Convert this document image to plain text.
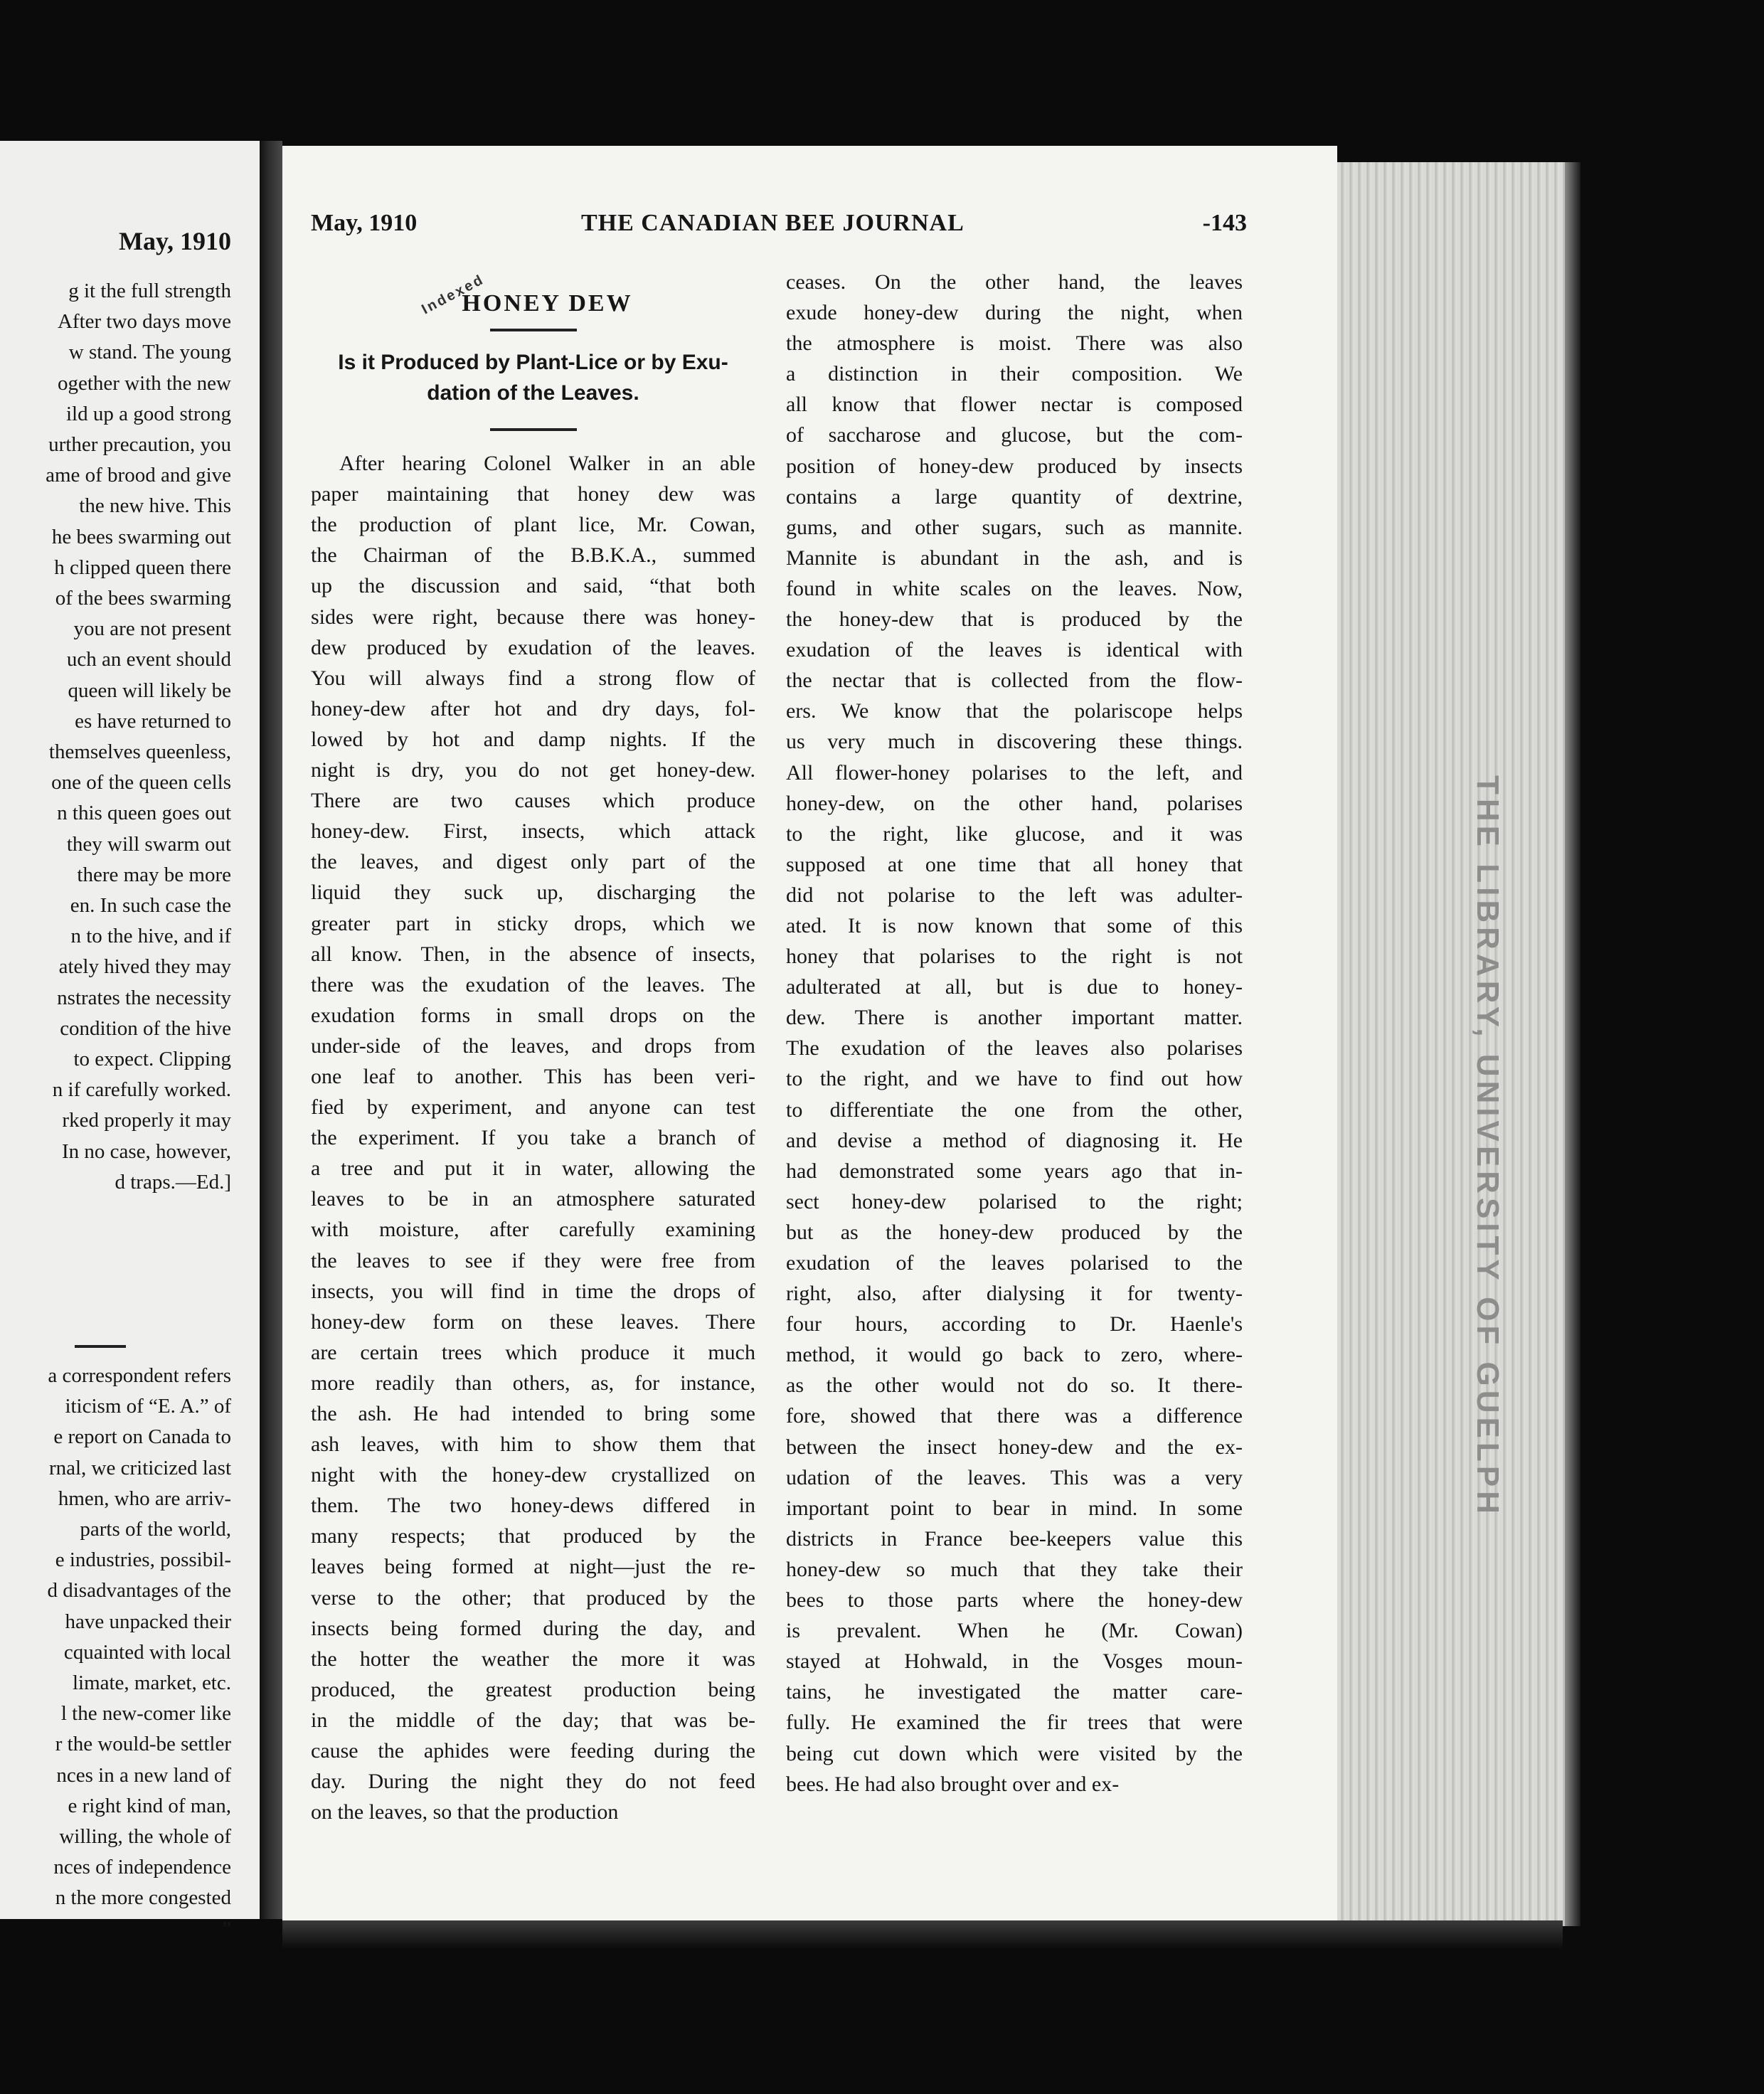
May, 1910
g it the full strength
After two days move
w stand. The young
ogether with the new
ild up a good strong
urther precaution, you
ame of brood and give
the new hive. This
he bees swarming out
h clipped queen there
of the bees swarming
you are not present
uch an event should
queen will likely be
es have returned to
themselves queenless,
one of the queen cells
n this queen goes out
they will swarm out
there may be more
en. In such case the
n to the hive, and if
ately hived they may
nstrates the necessity
condition of the hive
to expect. Clipping
n if carefully worked.
rked properly it may
In no case, however,
d traps.—Ed.]
a correspondent refers
iticism of “E. A.” of
e report on Canada to
rnal, we criticized last
hmen, who are arriv-
parts of the world,
e industries, possibil-
d disadvantages of the
have unpacked their
cquainted with local
limate, market, etc.
l the new-comer like
r the would-be settler
nces in a new land of
e right kind of man,
willing, the whole of
nces of independence
n the more congested
”
May, 1910	THE CANADIAN BEE JOURNAL	-143
Indexed
HONEY DEW
Is it Produced by Plant-Lice or by Exu-
dation of the Leaves.
After hearing Colonel Walker in an able
paper maintaining that honey dew was
the production of plant lice, Mr. Cowan,
the Chairman of the B.B.K.A., summed
up the discussion and said, “that both
sides were right, because there was honey-
dew produced by exudation of the leaves.
You will always find a strong flow of
honey-dew after hot and dry days, fol-
lowed by hot and damp nights. If the
night is dry, you do not get honey-dew.
There are two causes which produce
honey-dew. First, insects, which attack
the leaves, and digest only part of the
liquid they suck up, discharging the
greater part in sticky drops, which we
all know. Then, in the absence of insects,
there was the exudation of the leaves. The
exudation forms in small drops on the
under-side of the leaves, and drops from
one leaf to another. This has been veri-
fied by experiment, and anyone can test
the experiment. If you take a branch of
a tree and put it in water, allowing the
leaves to be in an atmosphere saturated
with moisture, after carefully examining
the leaves to see if they were free from
insects, you will find in time the drops of
honey-dew form on these leaves. There
are certain trees which produce it much
more readily than others, as, for instance,
the ash. He had intended to bring some
ash leaves, with him to show them that
night with the honey-dew crystallized on
them. The two honey-dews differed in
many respects; that produced by the
leaves being formed at night—just the re-
verse to the other; that produced by the
insects being formed during the day, and
the hotter the weather the more it was
produced, the greatest production being
in the middle of the day; that was be-
cause the aphides were feeding during the
day. During the night they do not feed
on the leaves, so that the production
ceases. On the other hand, the leaves
exude honey-dew during the night, when
the atmosphere is moist. There was also
a distinction in their composition. We
all know that flower nectar is composed
of saccharose and glucose, but the com-
position of honey-dew produced by insects
contains a large quantity of dextrine,
gums, and other sugars, such as mannite.
Mannite is abundant in the ash, and is
found in white scales on the leaves. Now,
the honey-dew that is produced by the
exudation of the leaves is identical with
the nectar that is collected from the flow-
ers. We know that the polariscope helps
us very much in discovering these things.
All flower-honey polarises to the left, and
honey-dew, on the other hand, polarises
to the right, like glucose, and it was
supposed at one time that all honey that
did not polarise to the left was adulter-
ated. It is now known that some of this
honey that polarises to the right is not
adulterated at all, but is due to honey-
dew. There is another important matter.
The exudation of the leaves also polarises
to the right, and we have to find out how
to differentiate the one from the other,
and devise a method of diagnosing it. He
had demonstrated some years ago that in-
sect honey-dew polarised to the right;
but as the honey-dew produced by the
exudation of the leaves polarised to the
right, also, after dialysing it for twenty-
four hours, according to Dr. Haenle's
method, it would go back to zero, where-
as the other would not do so. It there-
fore, showed that there was a difference
between the insect honey-dew and the ex-
udation of the leaves. This was a very
important point to bear in mind. In some
districts in France bee-keepers value this
honey-dew so much that they take their
bees to those parts where the honey-dew
is prevalent. When he (Mr. Cowan)
stayed at Hohwald, in the Vosges moun-
tains, he investigated the matter care-
fully. He examined the fir trees that were
being cut down which were visited by the
bees. He had also brought over and ex-
THE LIBRARY, UNIVERSITY OF GUELPH
